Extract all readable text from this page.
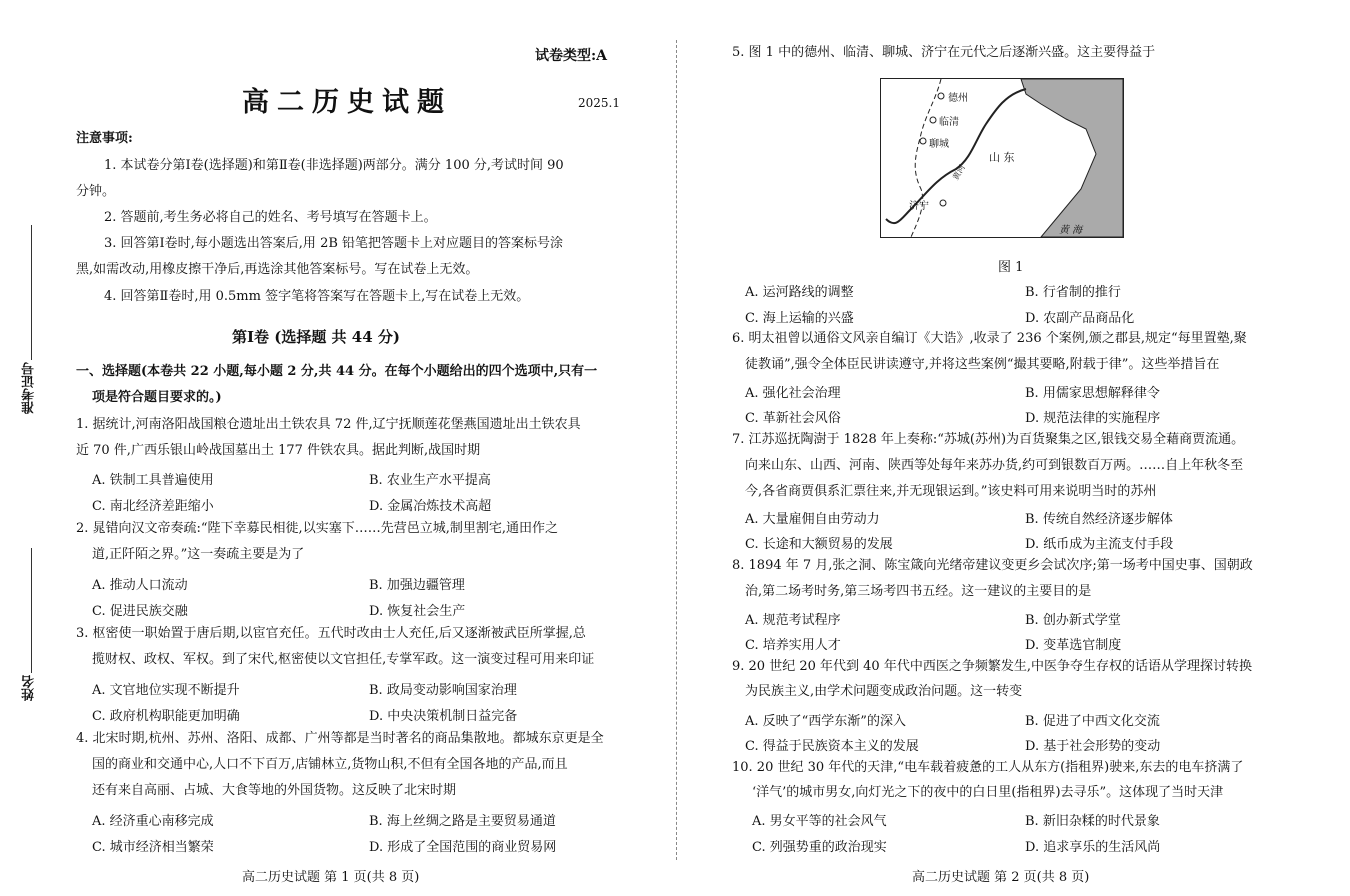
准考证号
姓名
试卷类型:A
高二历史试题	2025.1
注意事项:
1. 本试卷分第Ⅰ卷(选择题)和第Ⅱ卷(非选择题)两部分。满分 100 分,考试时间 90
分钟。
2. 答题前,考生务必将自己的姓名、考号填写在答题卡上。
3. 回答第Ⅰ卷时,每小题选出答案后,用 2B 铅笔把答题卡上对应题目的答案标号涂
黑,如需改动,用橡皮擦干净后,再选涂其他答案标号。写在试卷上无效。
4. 回答第Ⅱ卷时,用 0.5mm 签字笔将答案写在答题卡上,写在试卷上无效。
第Ⅰ卷 (选择题 共 44 分)
一、选择题(本卷共 22 小题,每小题 2 分,共 44 分。在每个小题给出的四个选项中,只有一
项是符合题目要求的。)
1. 据统计,河南洛阳战国粮仓遗址出土铁农具 72 件,辽宁抚顺莲花堡燕国遗址出土铁农具
近 70 件,广西乐银山岭战国墓出土 177 件铁农具。据此判断,战国时期
A. 铁制工具普遍使用	B. 农业生产水平提高
C. 南北经济差距缩小	D. 金属冶炼技术高超
2. 晁错向汉文帝奏疏:“陛下幸募民相徙,以实塞下……先营邑立城,制里割宅,通田作之
道,正阡陌之界。”这一奏疏主要是为了
A. 推动人口流动	B. 加强边疆管理
C. 促进民族交融	D. 恢复社会生产
3. 枢密使一职始置于唐后期,以宦官充任。五代时改由士人充任,后又逐渐被武臣所掌握,总
揽财权、政权、军权。到了宋代,枢密使以文官担任,专掌军政。这一演变过程可用来印证
A. 文官地位实现不断提升	B. 政局变动影响国家治理
C. 政府机构职能更加明确	D. 中央决策机制日益完备
4. 北宋时期,杭州、苏州、洛阳、成都、广州等都是当时著名的商品集散地。都城东京更是全
国的商业和交通中心,人口不下百万,店铺林立,货物山积,不但有全国各地的产品,而且
还有来自高丽、占城、大食等地的外国货物。这反映了北宋时期
A. 经济重心南移完成	B. 海上丝绸之路是主要贸易通道
C. 城市经济相当繁荣	D. 形成了全国范围的商业贸易网
高二历史试题 第 1 页(共 8 页)
5. 图 1 中的德州、临清、聊城、济宁在元代之后逐渐兴盛。这主要得益于
德州
临清
聊城
济宁
山 东
黄河
黄 海
图 1
A. 运河路线的调整	B. 行省制的推行
C. 海上运输的兴盛	D. 农副产品商品化
6. 明太祖曾以通俗文风亲自编订《大诰》,收录了 236 个案例,颁之郡县,规定“每里置塾,聚
徒教诵”,强令全体臣民讲读遵守,并将这些案例“撮其要略,附载于律”。这些举措旨在
A. 强化社会治理	B. 用儒家思想解释律令
C. 革新社会风俗	D. 规范法律的实施程序
7. 江苏巡抚陶澍于 1828 年上奏称:“苏城(苏州)为百货聚集之区,银钱交易全藉商贾流通。
向来山东、山西、河南、陕西等处每年来苏办货,约可到银数百万两。……自上年秋冬至
今,各省商贾俱系汇票往来,并无现银运到。”该史料可用来说明当时的苏州
A. 大量雇佣自由劳动力	B. 传统自然经济逐步解体
C. 长途和大额贸易的发展	D. 纸币成为主流支付手段
8. 1894 年 7 月,张之洞、陈宝箴向光绪帝建议变更乡会试次序;第一场考中国史事、国朝政
治,第二场考时务,第三场考四书五经。这一建议的主要目的是
A. 规范考试程序	B. 创办新式学堂
C. 培养实用人才	D. 变革选官制度
9. 20 世纪 20 年代到 40 年代中西医之争频繁发生,中医争夺生存权的话语从学理探讨转换
为民族主义,由学术问题变成政治问题。这一转变
A. 反映了“西学东渐”的深入	B. 促进了中西文化交流
C. 得益于民族资本主义的发展	D. 基于社会形势的变动
10. 20 世纪 30 年代的天津,“电车载着疲惫的工人从东方(指租界)驶来,东去的电车挤满了
‘洋气’的城市男女,向灯光之下的夜中的白日里(指租界)去寻乐”。这体现了当时天津
A. 男女平等的社会风气	B. 新旧杂糅的时代景象
C. 列强势重的政治现实	D. 追求享乐的生活风尚
高二历史试题 第 2 页(共 8 页)
